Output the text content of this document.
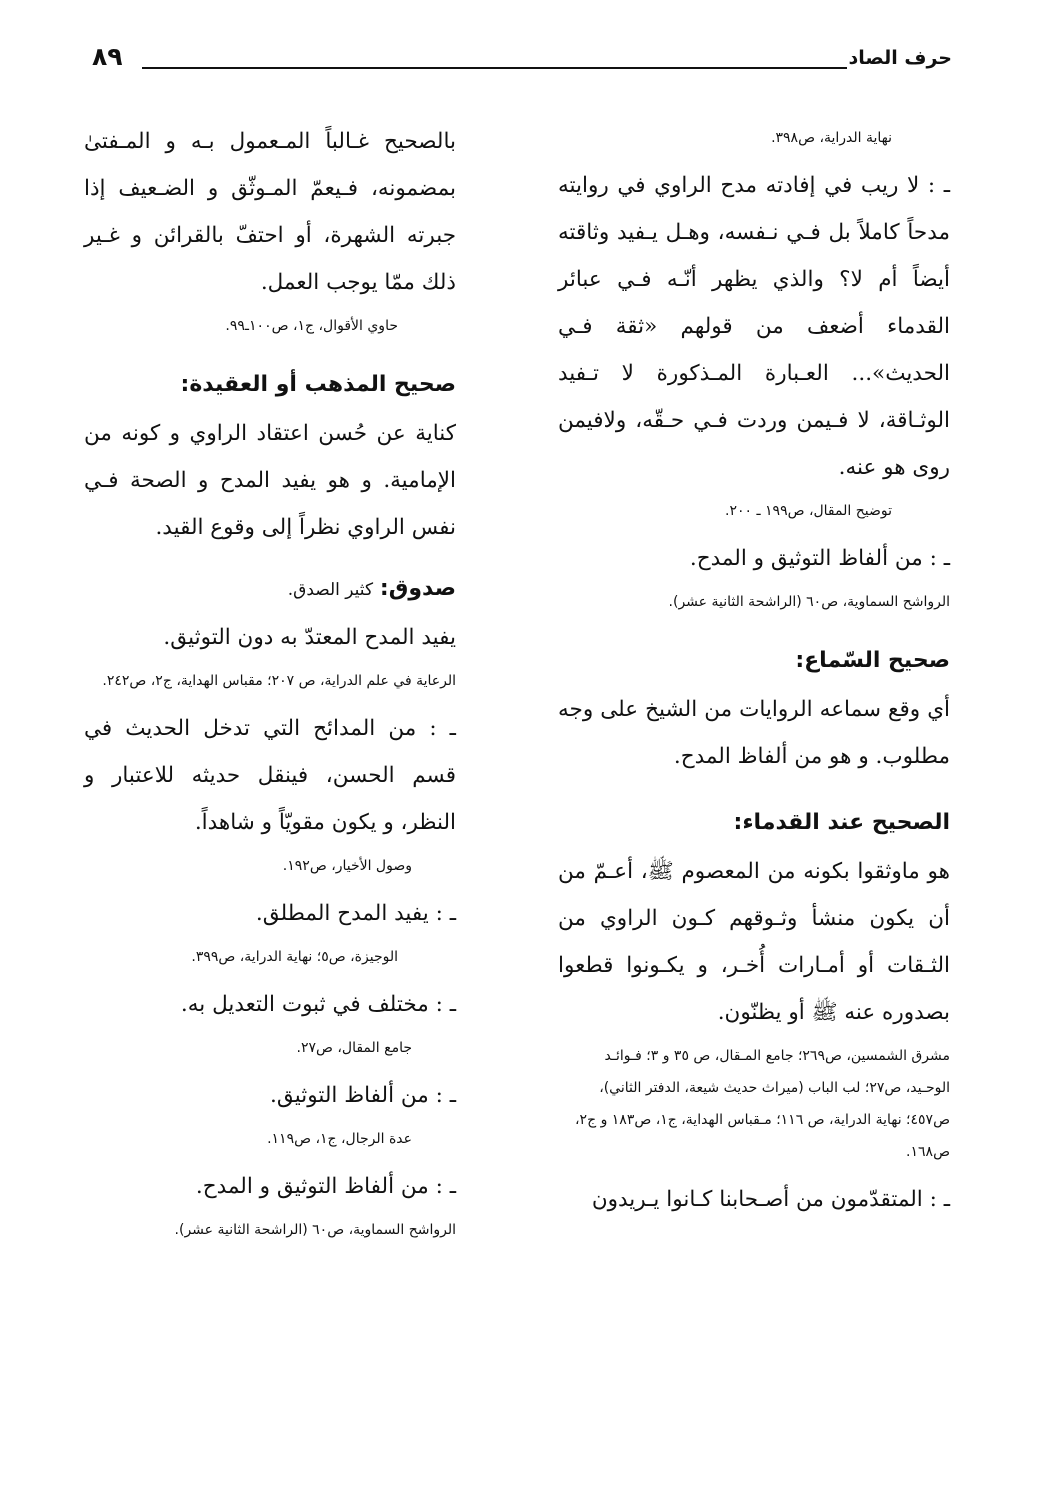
٨٩	حرف الصاد
نهاية الدراية، ص٣٩٨.

ـ : لا ريب في إفادته مدح الراوي في روايته مدحاً كاملاً بل فـي نـفسه، وهـل يـفيد وثاقته أيضاً أم لا؟ والذي يظهر أنّـه فـي عبائر القدماء أضعف من قولهم «ثقة فـي الحديث»... العـبارة المـذكورة لا تـفيد الوثـاقة، لا فـيمن وردت فـي حـقّه، ولافيمن روى هو عنه.

توضيح المقال، ص١٩٩ ـ ٢٠٠.

ـ : من ألفاظ التوثيق و المدح.

الرواشح السماوية، ص٦٠ (الراشحة الثانية عشر).
صحيح السّماع:

أي وقع سماعه الروايات من الشيخ على وجه مطلوب. و هو من ألفاظ المدح.

الصحيح عند القدماء:

هو ماوثقوا بكونه من المعصوم ﷺ، أعـمّ من أن يكون منشأ وثـوقهم كـون الراوي من الثـقات أو أمـارات أُخـر، و يكـونوا قطعوا بصدوره عنه ﷺ أو يظنّون.

مشرق الشمسين، ص٢٦٩؛ جامع المـقال، ص ٣٥ و ٣؛ فـوائـد الوحـيد، ص٢٧؛ لب الباب (ميراث حديث شيعة، الدفتر الثاني)، ص٤٥٧؛ نهاية الدراية، ص ١١٦؛ مـقباس الهداية، ج١، ص١٨٣ و ج٢، ص١٦٨.

ـ : المتقدّمون من أصـحابنا كـانوا يـريدون

بالصحيح غـالباً المـعمول بـه و المـفتىٰ بمضمونه، فـيعمّ المـوثّق و الضـعيف إذا جبرته الشهرة، أو احتفّ بالقرائن و غـير ذلك ممّا يوجب العمل.

حاوي الأقوال، ج١، ص١٠٠ـ٩٩.
صحيح المذهب أو العقيدة:

كناية عن حُسن اعتقاد الراوي و كونه من الإمامية. و هو يفيد المدح و الصحة فـي نفس الراوي نظراً إلى وقوع القيد.

صدوق: كثير الصدق.

يفيد المدح المعتدّ به دون التوثيق.

الرعاية في علم الدراية، ص ٢٠٧؛ مقباس الهداية، ج٢، ص٢٤٢.

ـ : من المدائح التي تدخل الحديث في قسم الحسن، فينقل حديثه للاعتبار و النظر، و يكون مقويّاً و شاهداً.

وصول الأخيار، ص١٩٢.

ـ : يفيد المدح المطلق.

الوجيزة، ص٥؛ نهاية الدراية، ص٣٩٩.

ـ : مختلف في ثبوت التعديل به.

جامع المقال، ص٢٧.

ـ : من ألفاظ التوثيق.

عدة الرجال، ج١، ص١١٩.

ـ : من ألفاظ التوثيق و المدح.

الرواشح السماوية، ص٦٠ (الراشحة الثانية عشر).
